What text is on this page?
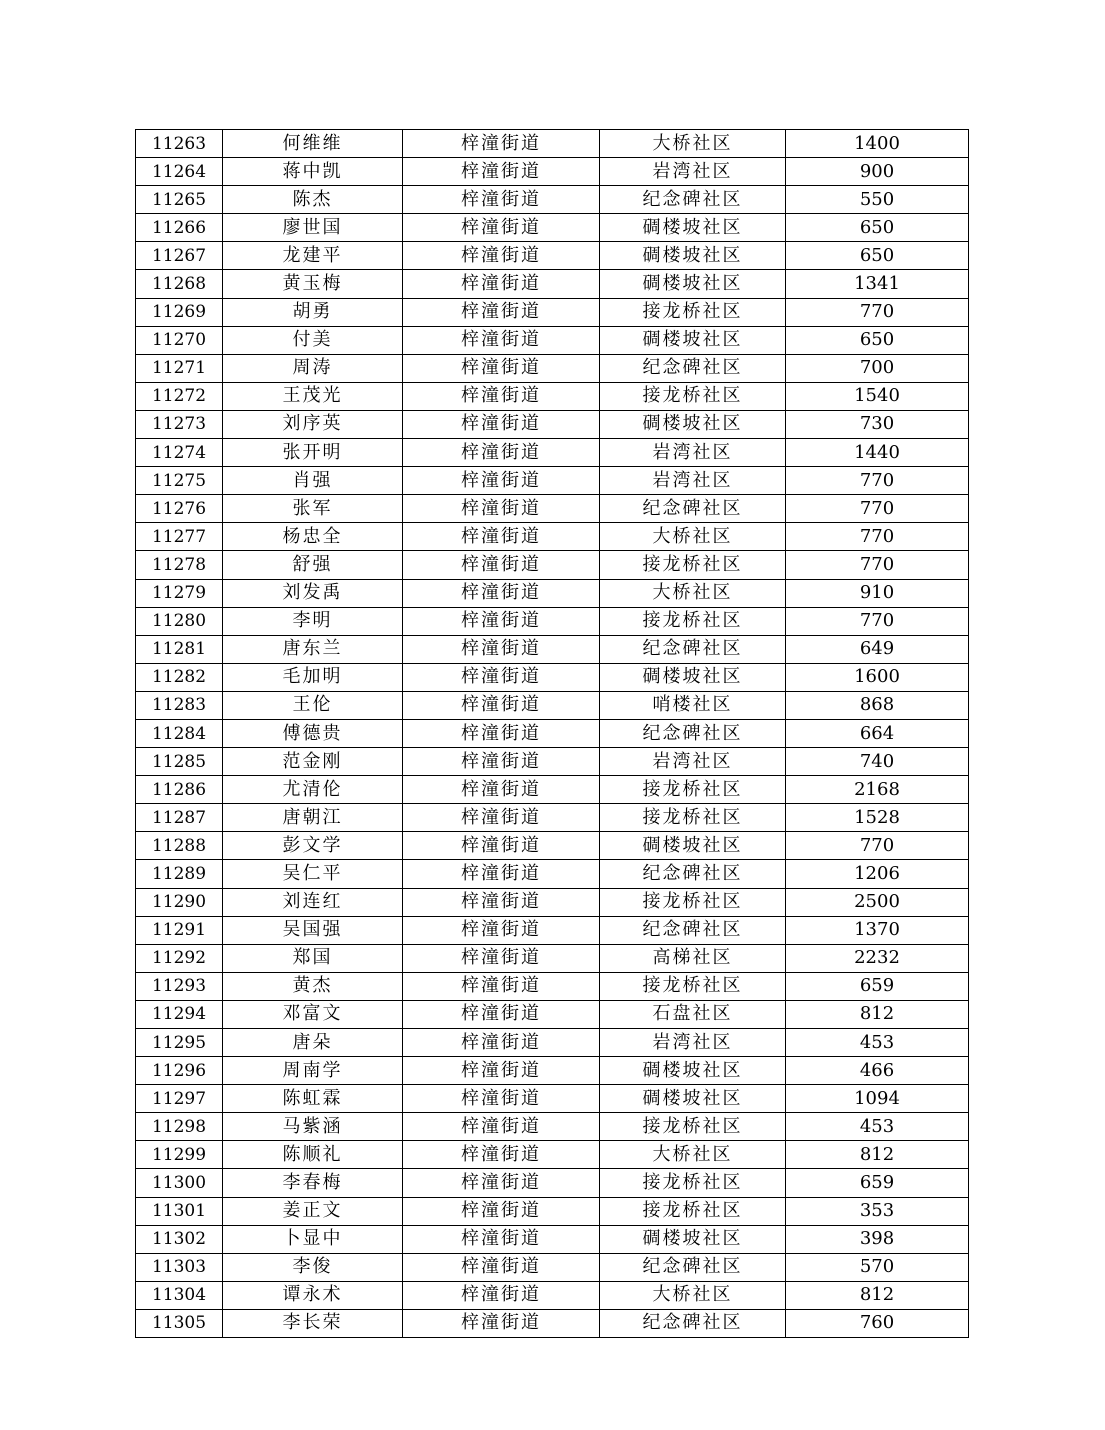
11263	何维维	梓潼街道	大桥社区	1400
11264	蒋中凯	梓潼街道	岩湾社区	900
11265	陈杰	梓潼街道	纪念碑社区	550
11266	廖世国	梓潼街道	碉楼坡社区	650
11267	龙建平	梓潼街道	碉楼坡社区	650
11268	黄玉梅	梓潼街道	碉楼坡社区	1341
11269	胡勇	梓潼街道	接龙桥社区	770
11270	付美	梓潼街道	碉楼坡社区	650
11271	周涛	梓潼街道	纪念碑社区	700
11272	王茂光	梓潼街道	接龙桥社区	1540
11273	刘序英	梓潼街道	碉楼坡社区	730
11274	张开明	梓潼街道	岩湾社区	1440
11275	肖强	梓潼街道	岩湾社区	770
11276	张军	梓潼街道	纪念碑社区	770
11277	杨忠全	梓潼街道	大桥社区	770
11278	舒强	梓潼街道	接龙桥社区	770
11279	刘发禹	梓潼街道	大桥社区	910
11280	李明	梓潼街道	接龙桥社区	770
11281	唐东兰	梓潼街道	纪念碑社区	649
11282	毛加明	梓潼街道	碉楼坡社区	1600
11283	王伦	梓潼街道	哨楼社区	868
11284	傅德贵	梓潼街道	纪念碑社区	664
11285	范金刚	梓潼街道	岩湾社区	740
11286	尤清伦	梓潼街道	接龙桥社区	2168
11287	唐朝江	梓潼街道	接龙桥社区	1528
11288	彭文学	梓潼街道	碉楼坡社区	770
11289	吴仁平	梓潼街道	纪念碑社区	1206
11290	刘连红	梓潼街道	接龙桥社区	2500
11291	吴国强	梓潼街道	纪念碑社区	1370
11292	郑国	梓潼街道	高梯社区	2232
11293	黄杰	梓潼街道	接龙桥社区	659
11294	邓富文	梓潼街道	石盘社区	812
11295	唐朵	梓潼街道	岩湾社区	453
11296	周南学	梓潼街道	碉楼坡社区	466
11297	陈虹霖	梓潼街道	碉楼坡社区	1094
11298	马紫涵	梓潼街道	接龙桥社区	453
11299	陈顺礼	梓潼街道	大桥社区	812
11300	李春梅	梓潼街道	接龙桥社区	659
11301	姜正文	梓潼街道	接龙桥社区	353
11302	卜显中	梓潼街道	碉楼坡社区	398
11303	李俊	梓潼街道	纪念碑社区	570
11304	谭永术	梓潼街道	大桥社区	812
11305	李长荣	梓潼街道	纪念碑社区	760
